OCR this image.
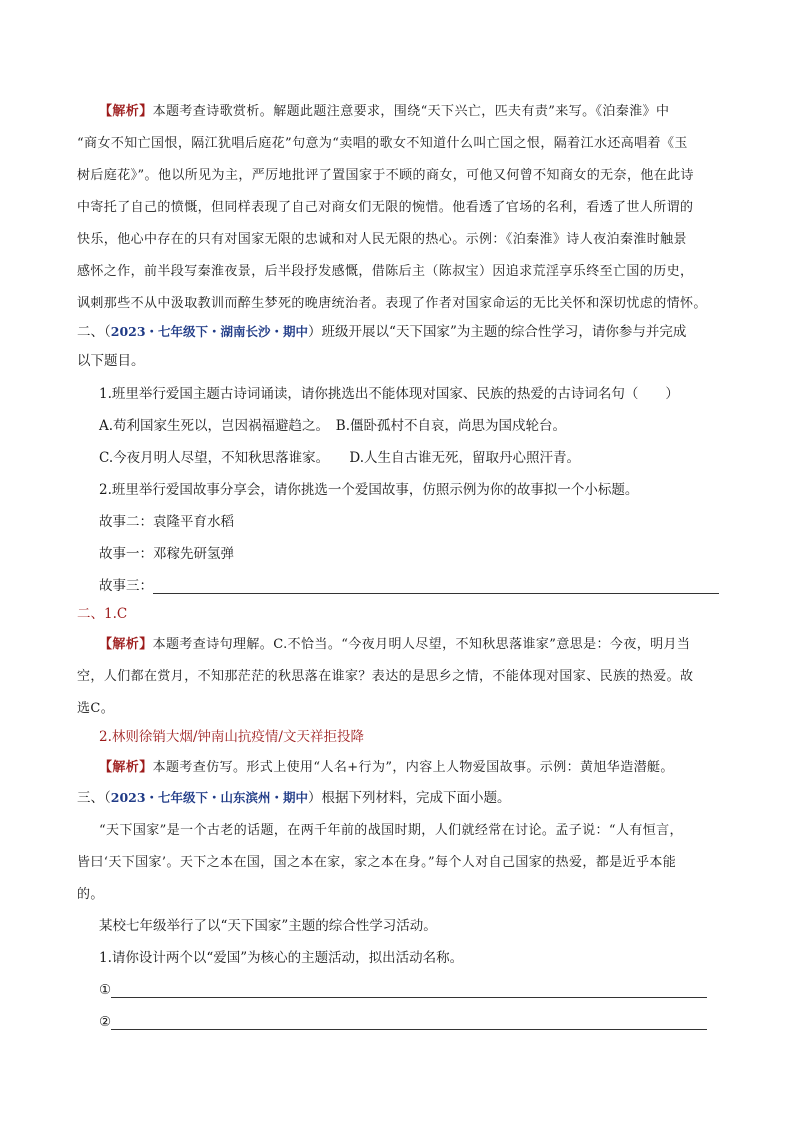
【解析】本题考查诗歌赏析。解题此题注意要求，围绕“天下兴亡，匹夫有责”来写。《泊秦淮》中

“商女不知亡国恨，隔江犹唱后庭花”句意为“卖唱的歌女不知道什么叫亡国之恨，隔着江水还高唱着《玉

树后庭花》”。他以所见为主，严厉地批评了置国家于不顾的商女，可他又何曾不知商女的无奈，他在此诗

中寄托了自己的愤慨，但同样表现了自己对商女们无限的惋惜。他看透了官场的名利，看透了世人所谓的

快乐，他心中存在的只有对国家无限的忠诚和对人民无限的热心。示例：《泊秦淮》诗人夜泊秦淮时触景

感怀之作，前半段写秦淮夜景，后半段抒发感慨，借陈后主（陈叔宝）因追求荒淫享乐终至亡国的历史，

讽刺那些不从中汲取教训而醉生梦死的晚唐统治者。表现了作者对国家命运的无比关怀和深切忧虑的情怀。

二、（2023・七年级下・湖南长沙・期中）班级开展以“天下国家”为主题的综合性学习，请你参与并完成

以下题目。

1.班里举行爱国主题古诗词诵读，请你挑选出不能体现对国家、民族的热爱的古诗词名句（　　）

A.苟利国家生死以，岂因祸福避趋之。　B.僵卧孤村不自哀，尚思为国戍轮台。

C.今夜月明人尽望，不知秋思落谁家。　　D.人生自古谁无死，留取丹心照汗青。

2.班里举行爱国故事分享会，请你挑选一个爱国故事，仿照示例为你的故事拟一个小标题。

故事二：袁隆平育水稻

故事一：邓稼先研氢弹

故事三：

二、1.C

【解析】本题考查诗句理解。C.不恰当。“今夜月明人尽望，不知秋思落谁家”意思是：今夜，明月当

空，人们都在赏月，不知那茫茫的秋思落在谁家？表达的是思乡之情，不能体现对国家、民族的热爱。故

选C。

2.林则徐销大烟/钟南山抗疫情/文天祥拒投降

【解析】本题考查仿写。形式上使用“人名+行为”，内容上人物爱国故事。示例：黄旭华造潜艇。

三、（2023・七年级下・山东滨州・期中）根据下列材料，完成下面小题。

“天下国家”是一个古老的话题，在两千年前的战国时期，人们就经常在讨论。孟子说：“人有恒言，

皆曰‘天下国家’。天下之本在国，国之本在家，家之本在身。”每个人对自己国家的热爱，都是近乎本能

的。

某校七年级举行了以“天下国家”主题的综合性学习活动。

1.请你设计两个以“爱国”为核心的主题活动，拟出活动名称。

①

②
